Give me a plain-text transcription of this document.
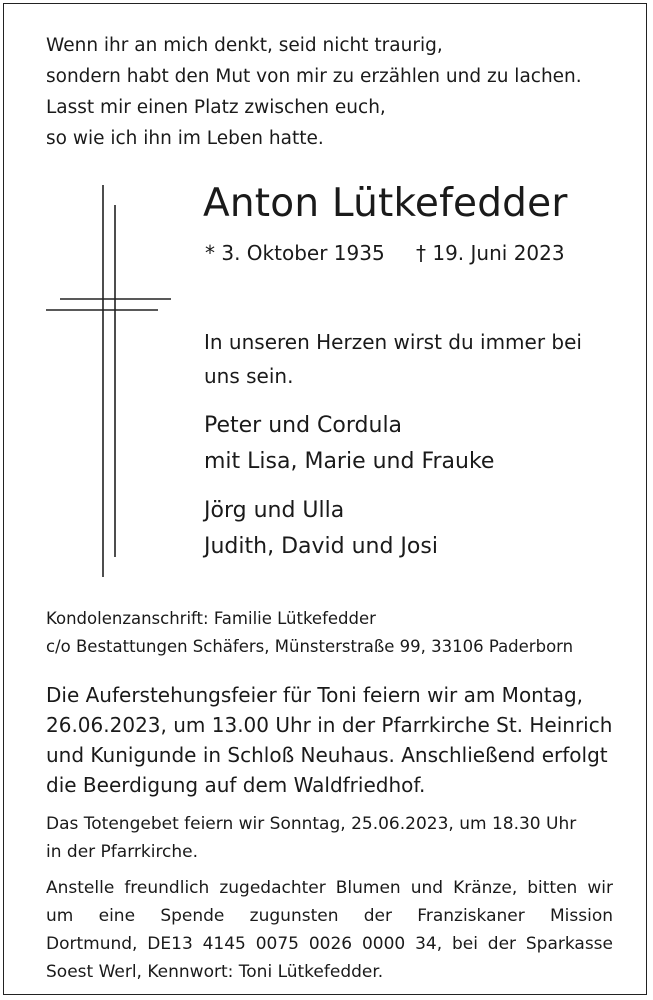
Wenn ihr an mich denkt, seid nicht traurig,
sondern habt den Mut von mir zu erzählen und zu lachen.
Lasst mir einen Platz zwischen euch,
so wie ich ihn im Leben hatte.
Anton Lütkefedder
* 3. Oktober 1935 † 19. Juni 2023
In unseren Herzen wirst du immer bei
uns sein.
Peter und Cordula
mit Lisa, Marie und Frauke
Jörg und Ulla
Judith, David und Josi
Kondolenzanschrift: Familie Lütkefedder
c/o Bestattungen Schäfers, Münsterstraße 99, 33106 Paderborn
Die Auferstehungsfeier für Toni feiern wir am Montag,
26.06.2023, um 13.00 Uhr in der Pfarrkirche St. Heinrich
und Kunigunde in Schloß Neuhaus. Anschließend erfolgt
die Beerdigung auf dem Waldfriedhof.
Das Totengebet feiern wir Sonntag, 25.06.2023, um 18.30 Uhr
in der Pfarrkirche.
Anstelle freundlich zugedachter Blumen und Kränze, bitten wir
um eine Spende zugunsten der Franziskaner Mission
Dortmund, DE13 4145 0075 0026 0000 34, bei der Sparkasse
Soest Werl, Kennwort: Toni Lütkefedder.
